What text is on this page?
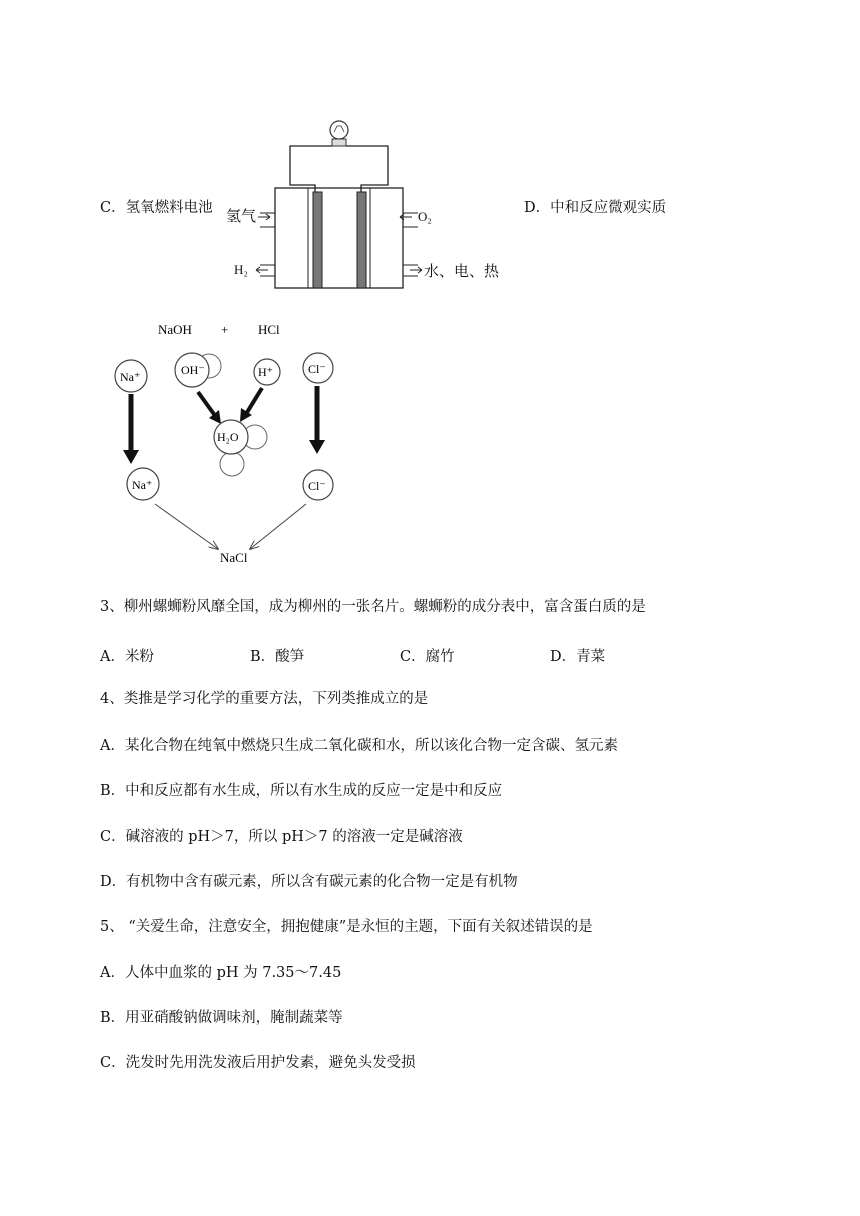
C．氢氧燃料电池	D．中和反应微观实质
氢气
H₂
O₂
水、电、热
NaOH + HCl
Na⁺	OH⁻	H⁺	Cl⁻
H₂O
Na⁺	Cl⁻
NaCl
3、柳州螺蛳粉风靡全国，成为柳州的一张名片。螺蛳粉的成分表中，富含蛋白质的是
A．米粉	B．酸笋	C．腐竹	D．青菜
4、类推是学习化学的重要方法，下列类推成立的是
A．某化合物在纯氧中燃烧只生成二氧化碳和水，所以该化合物一定含碳、氢元素
B．中和反应都有水生成，所以有水生成的反应一定是中和反应
C．碱溶液的 pH＞7，所以 pH＞7 的溶液一定是碱溶液
D．有机物中含有碳元素，所以含有碳元素的化合物一定是有机物
5、 “关爱生命，注意安全，拥抱健康”是永恒的主题，下面有关叙述错误的是
A．人体中血浆的 pH 为 7.35～7.45
B．用亚硝酸钠做调味剂，腌制蔬菜等
C．洗发时先用洗发液后用护发素，避免头发受损
